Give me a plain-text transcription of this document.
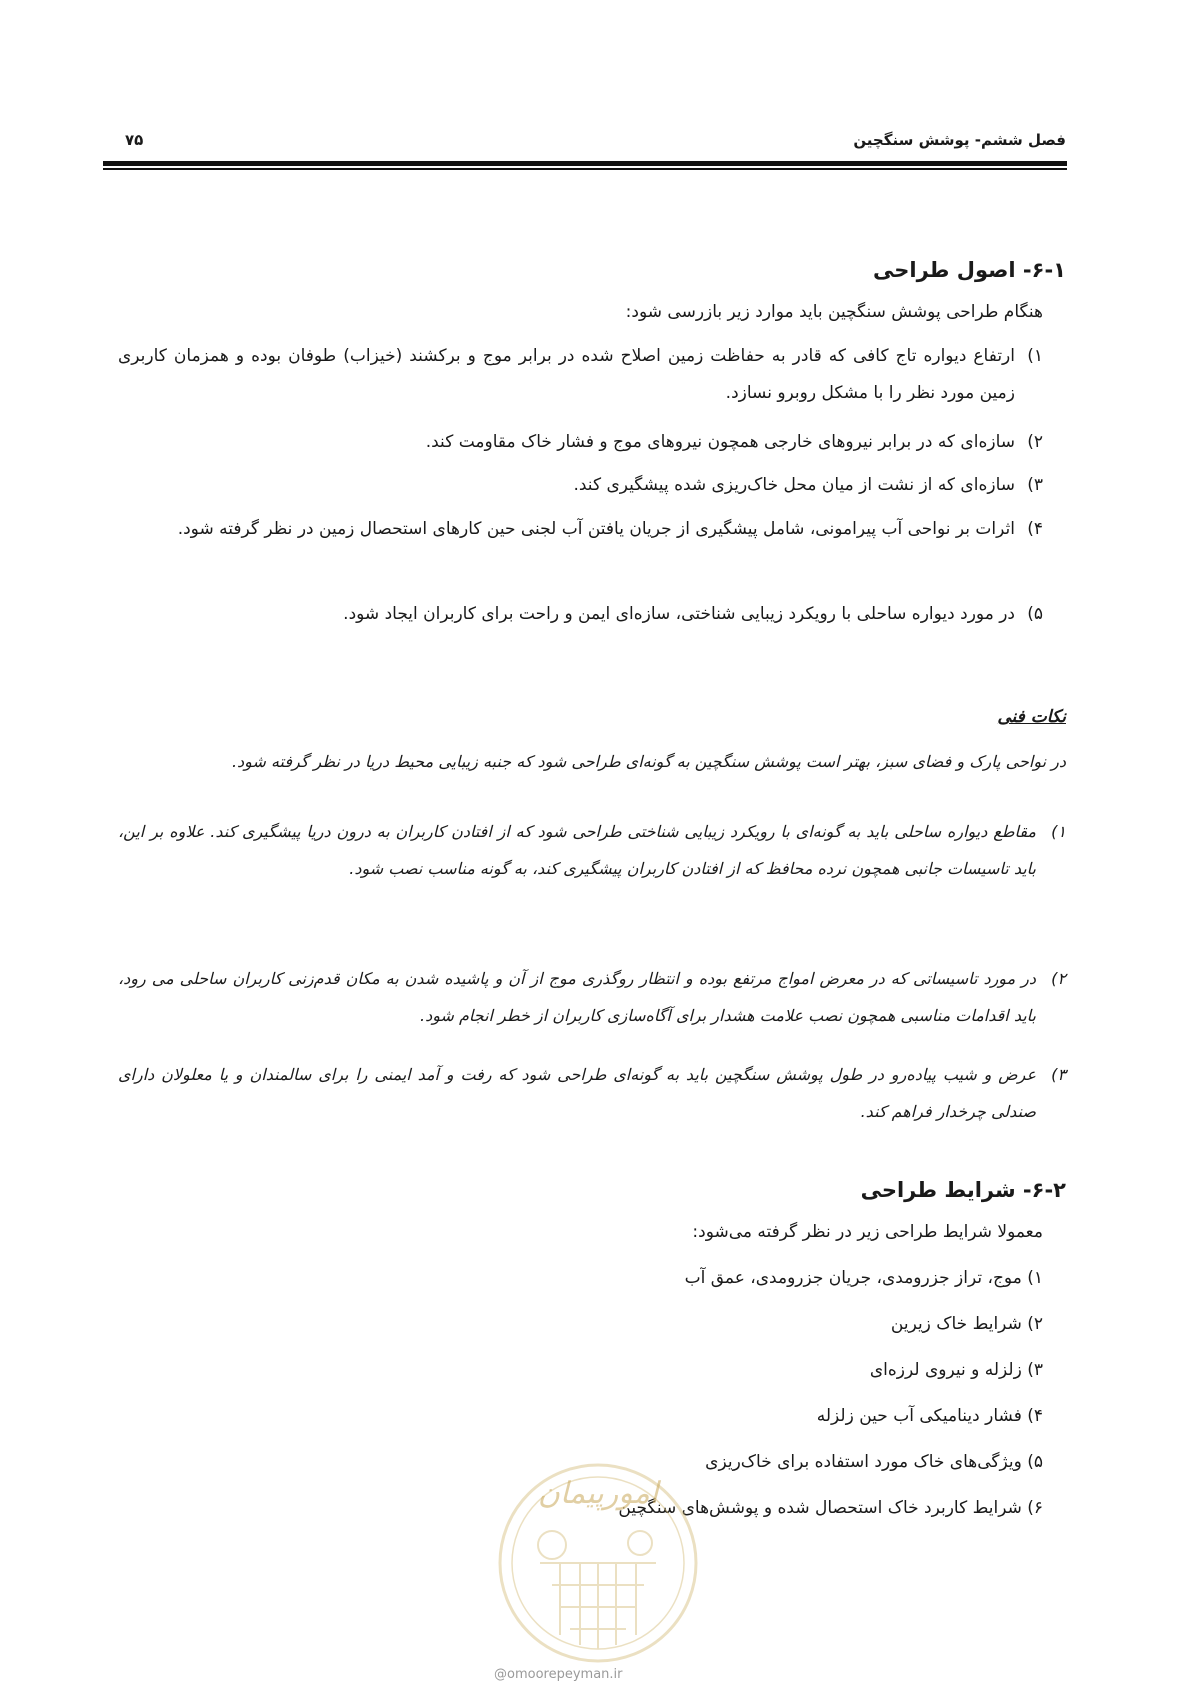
فصل ششم- پوشش سنگچین
۷۵
۶-۱- اصول طراحی

هنگام طراحی پوشش سنگچین باید موارد زیر بازرسی شود:

۱)
ارتفاع دیواره تاج کافی که قادر به حفاظت زمین اصلاح شده در برابر موج و برکشند (خیزاب) طوفان بوده و همزمان کاربری زمین مورد نظر را با مشکل روبرو نسازد.
۲)
سازه‌ای که در برابر نیروهای خارجی همچون نیروهای موج و فشار خاک مقاومت کند.
۳)
سازه‌ای که از نشت از میان محل خاک‌ریزی شده پیشگیری کند.
۴)
اثرات بر نواحی آب پیرامونی، شامل پیشگیری از جریان یافتن آب لجنی حین کارهای استحصال زمین در نظر گرفته شود.
۵)
در مورد دیواره ساحلی با رویکرد زیبایی شناختی، سازه‌ای ایمن و راحت برای کاربران ایجاد شود.
نکات فنی

در نواحی پارک و فضای سبز، بهتر است پوشش سنگچین به گونه‌ای طراحی شود که جنبه زیبایی محیط دریا در نظر گرفته شود.

۱)
مقاطع دیواره ساحلی باید به گونه‌ای با رویکرد زیبایی شناختی طراحی شود که از افتادن کاربران به درون دریا پیشگیری کند. علاوه بر این، باید تاسیسات جانبی همچون نرده محافظ که از افتادن کاربران پیشگیری کند، به گونه مناسب نصب شود.
۲)
در مورد تاسیساتی که در معرض امواج مرتفع بوده و انتظار روگذری موج از آن و پاشیده شدن به مکان قدم‌زنی کاربران ساحلی می رود، باید اقدامات مناسبی همچون نصب علامت هشدار برای آگاه‌سازی کاربران از خطر انجام شود.
۳)
عرض و شیب پیاده‌رو در طول پوشش سنگچین باید به گونه‌ای طراحی شود که رفت و آمد ایمنی را برای سالمندان و یا معلولان دارای صندلی چرخدار فراهم کند.
۶-۲- شرایط طراحی
معمولا شرایط طراحی زیر در نظر گرفته می‌شود:
۱) موج، تراز جزرومدی، جریان جزرومدی، عمق آب
۲) شرایط خاک زیرین
۳) زلزله و نیروی لرزه‌ای
۴) فشار دینامیکی آب حین زلزله
۵) ویژگی‌های خاک مورد استفاده برای خاک‌ریزی
۶) شرایط کاربرد خاک استحصال شده و پوشش‌های سنگچین
امورپیمان
@omoorepeyman.ir
